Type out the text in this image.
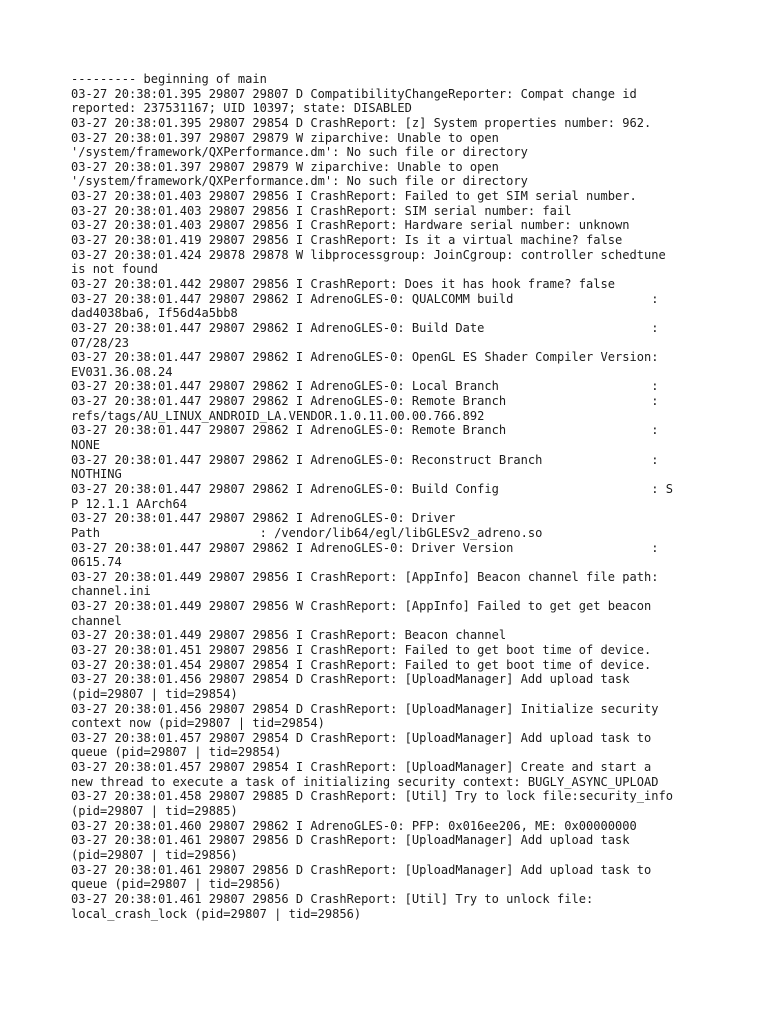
--------- beginning of main
03-27 20:38:01.395 29807 29807 D CompatibilityChangeReporter: Compat change id
reported: 237531167; UID 10397; state: DISABLED
03-27 20:38:01.395 29807 29854 D CrashReport: [z] System properties number: 962.
03-27 20:38:01.397 29807 29879 W ziparchive: Unable to open
'/system/framework/QXPerformance.dm': No such file or directory
03-27 20:38:01.397 29807 29879 W ziparchive: Unable to open
'/system/framework/QXPerformance.dm': No such file or directory
03-27 20:38:01.403 29807 29856 I CrashReport: Failed to get SIM serial number.
03-27 20:38:01.403 29807 29856 I CrashReport: SIM serial number: fail
03-27 20:38:01.403 29807 29856 I CrashReport: Hardware serial number: unknown
03-27 20:38:01.419 29807 29856 I CrashReport: Is it a virtual machine? false
03-27 20:38:01.424 29878 29878 W libprocessgroup: JoinCgroup: controller schedtune
is not found
03-27 20:38:01.442 29807 29856 I CrashReport: Does it has hook frame? false
03-27 20:38:01.447 29807 29862 I AdrenoGLES-0: QUALCOMM build                   :
dad4038ba6, If56d4a5bb8
03-27 20:38:01.447 29807 29862 I AdrenoGLES-0: Build Date                       :
07/28/23
03-27 20:38:01.447 29807 29862 I AdrenoGLES-0: OpenGL ES Shader Compiler Version:
EV031.36.08.24
03-27 20:38:01.447 29807 29862 I AdrenoGLES-0: Local Branch                     :
03-27 20:38:01.447 29807 29862 I AdrenoGLES-0: Remote Branch                    :
refs/tags/AU_LINUX_ANDROID_LA.VENDOR.1.0.11.00.00.766.892
03-27 20:38:01.447 29807 29862 I AdrenoGLES-0: Remote Branch                    :
NONE
03-27 20:38:01.447 29807 29862 I AdrenoGLES-0: Reconstruct Branch               :
NOTHING
03-27 20:38:01.447 29807 29862 I AdrenoGLES-0: Build Config                     : S
P 12.1.1 AArch64
03-27 20:38:01.447 29807 29862 I AdrenoGLES-0: Driver
Path                      : /vendor/lib64/egl/libGLESv2_adreno.so
03-27 20:38:01.447 29807 29862 I AdrenoGLES-0: Driver Version                   :
0615.74
03-27 20:38:01.449 29807 29856 I CrashReport: [AppInfo] Beacon channel file path:
channel.ini
03-27 20:38:01.449 29807 29856 W CrashReport: [AppInfo] Failed to get get beacon
channel
03-27 20:38:01.449 29807 29856 I CrashReport: Beacon channel
03-27 20:38:01.451 29807 29856 I CrashReport: Failed to get boot time of device.
03-27 20:38:01.454 29807 29854 I CrashReport: Failed to get boot time of device.
03-27 20:38:01.456 29807 29854 D CrashReport: [UploadManager] Add upload task
(pid=29807 | tid=29854)
03-27 20:38:01.456 29807 29854 D CrashReport: [UploadManager] Initialize security
context now (pid=29807 | tid=29854)
03-27 20:38:01.457 29807 29854 D CrashReport: [UploadManager] Add upload task to
queue (pid=29807 | tid=29854)
03-27 20:38:01.457 29807 29854 I CrashReport: [UploadManager] Create and start a
new thread to execute a task of initializing security context: BUGLY_ASYNC_UPLOAD
03-27 20:38:01.458 29807 29885 D CrashReport: [Util] Try to lock file:security_info
(pid=29807 | tid=29885)
03-27 20:38:01.460 29807 29862 I AdrenoGLES-0: PFP: 0x016ee206, ME: 0x00000000
03-27 20:38:01.461 29807 29856 D CrashReport: [UploadManager] Add upload task
(pid=29807 | tid=29856)
03-27 20:38:01.461 29807 29856 D CrashReport: [UploadManager] Add upload task to
queue (pid=29807 | tid=29856)
03-27 20:38:01.461 29807 29856 D CrashReport: [Util] Try to unlock file:
local_crash_lock (pid=29807 | tid=29856)
